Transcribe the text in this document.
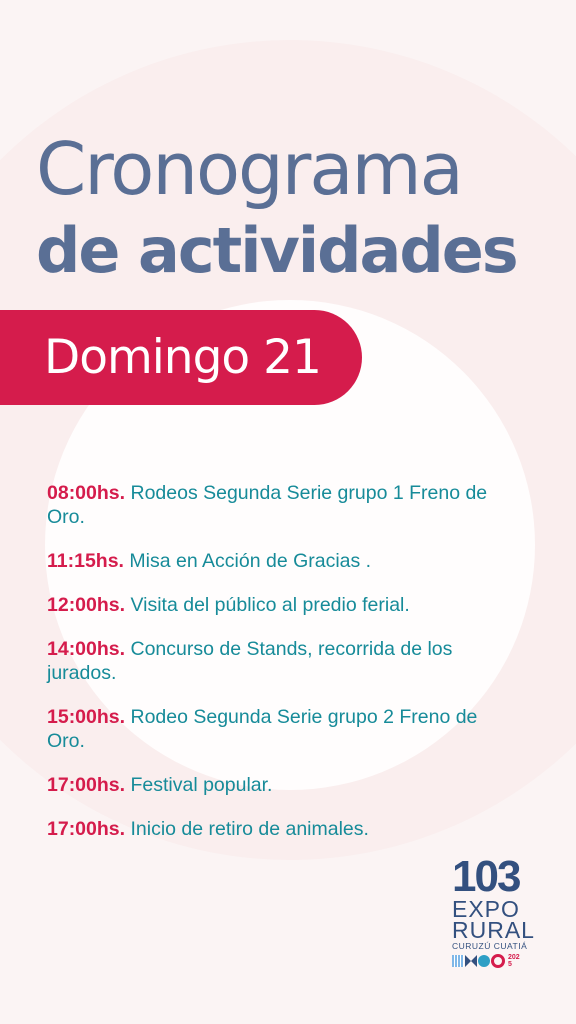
Cronograma
de actividades
Domingo 21
08:00hs. Rodeos Segunda Serie grupo 1 Freno de Oro.
11:15hs. Misa en Acción de Gracias .
12:00hs. Visita del público al predio ferial.
14:00hs. Concurso de Stands, recorrida de los jurados.
15:00hs. Rodeo Segunda Serie grupo 2 Freno de Oro.
17:00hs. Festival popular.
17:00hs. Inicio de retiro de animales.
103
EXPO
RURAL
CURUZÚ CUATIÁ
2025
